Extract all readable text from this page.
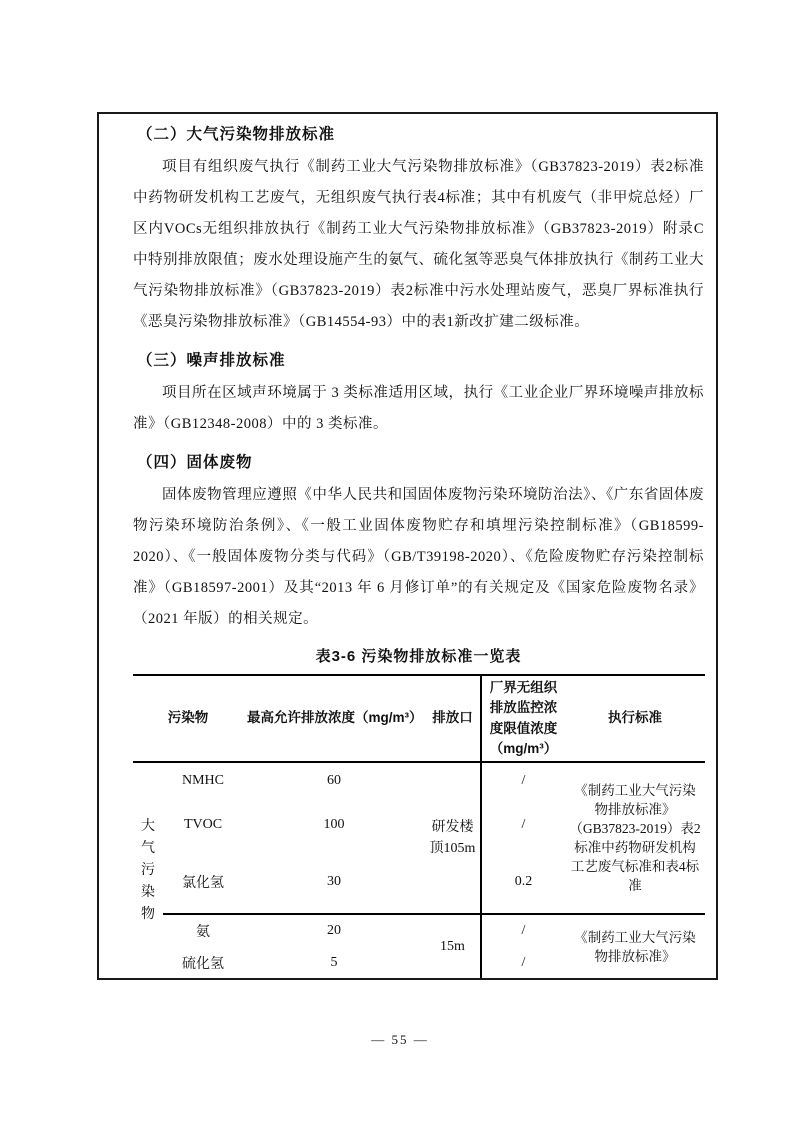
（二）大气污染物排放标准

项目有组织废气执行《制药工业大气污染物排放标准》（GB37823-2019）表2标准中药物研发机构工艺废气，无组织废气执行表4标准；其中有机废气（非甲烷总烃）厂区内VOCs无组织排放执行《制药工业大气污染物排放标准》（GB37823-2019）附录C中特别排放限值；废水处理设施产生的氨气、硫化氢等恶臭气体排放执行《制药工业大气污染物排放标准》（GB37823-2019）表2标准中污水处理站废气，恶臭厂界标准执行《恶臭污染物排放标准》（GB14554-93）中的表1新改扩建二级标准。

（三）噪声排放标准

项目所在区域声环境属于 3 类标准适用区域，执行《工业企业厂界环境噪声排放标准》（GB12348-2008）中的 3 类标准。

（四）固体废物

固体废物管理应遵照《中华人民共和国固体废物污染环境防治法》、《广东省固体废物污染环境防治条例》、《一般工业固体废物贮存和填埋污染控制标准》（GB18599-2020）、《一般固体废物分类与代码》（GB/T39198-2020）、《危险废物贮存污染控制标准》（GB18597-2001）及其“2013 年 6 月修订单”的有关规定及《国家危险废物名录》（2021 年版）的相关规定。

表3-6 污染物排放标准一览表
污染物		最高允许排放浓度（mg/m³）	排放口	厂界无组织排放监控浓度限值浓度（mg/m³）	执行标准
大气污染物	NMHC	60	研发楼顶105m	/	《制药工业大气污染物排放标准》（GB37823-2019）表2标准中药物研发机构工艺废气标准和表4标准
	TVOC	100		/	
	氯化氢	30		0.2	
	氨	20	15m	/	《制药工业大气污染物排放标准》
	硫化氢	5		/	
— 55 —
